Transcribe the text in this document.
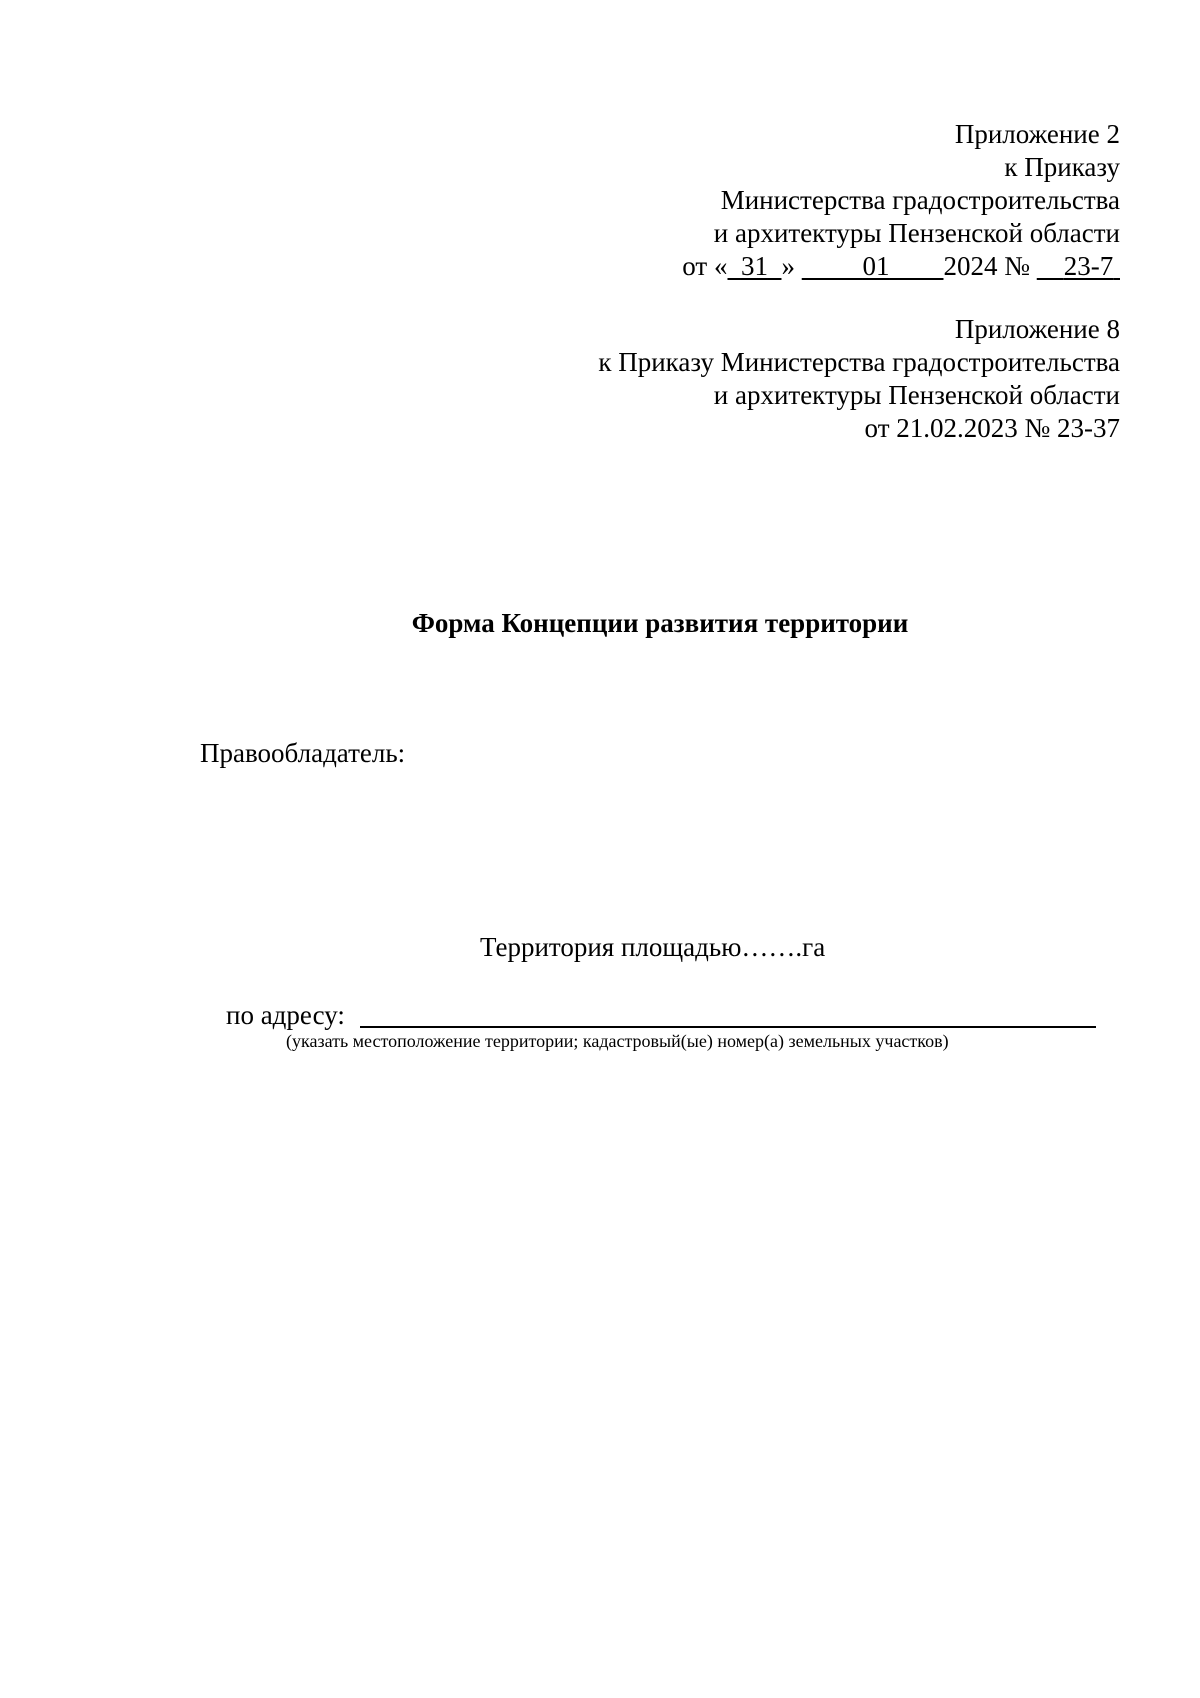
Приложение 2
к Приказу
Министерства градостроительства
и архитектуры Пензенской области
от « 31 »	01 2024 № 23-7
Приложение 8
к Приказу Министерства градостроительства
и архитектуры Пензенской области
от 21.02.2023 № 23-37
Форма Концепции развития территории
Правообладатель:
Территория площадью…….га
по адресу:
(указать местоположение территории; кадастровый(ые) номер(а) земельных участков)
